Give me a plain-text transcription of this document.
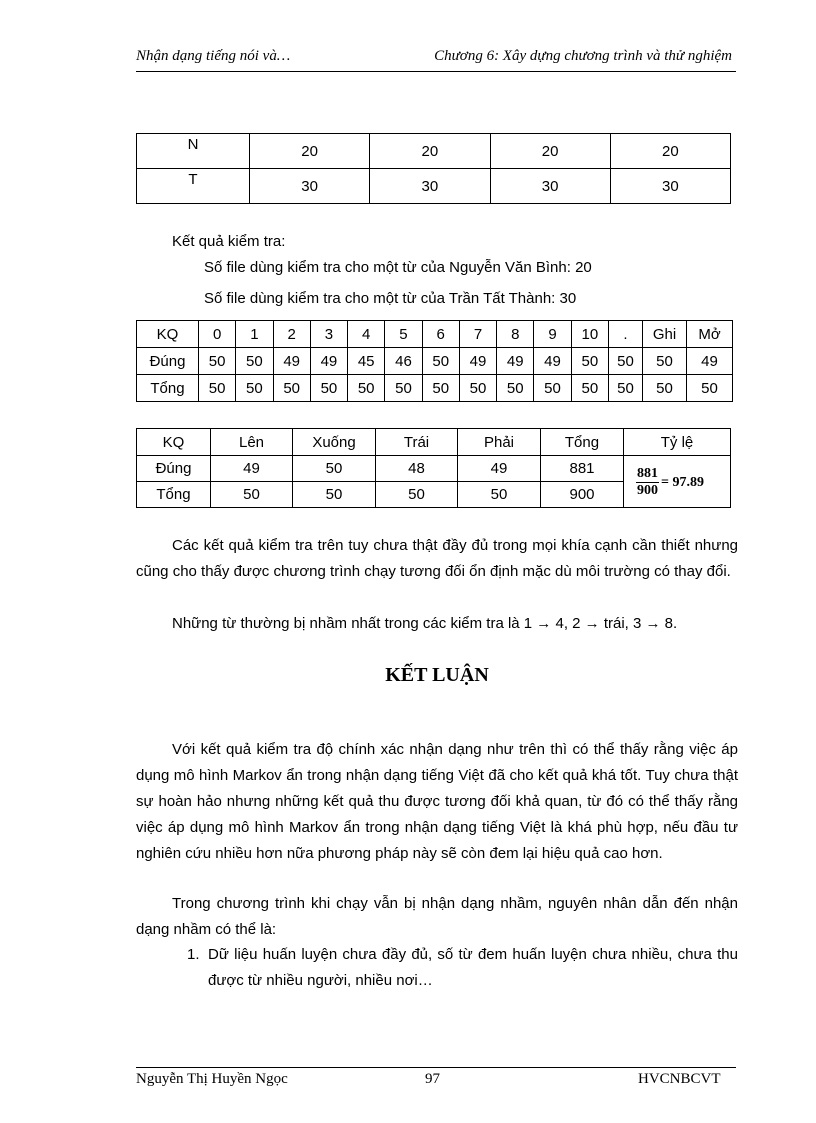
Nhận dạng tiếng nói và…	Chương 6: Xây dựng chương trình và thử nghiệm
N	20	20	20	20
T	30	30	30	30
Kết quả kiểm tra:
Số file dùng kiểm tra cho một từ của Nguyễn Văn Bình: 20
Số file dùng kiểm tra cho một từ của Trần Tất Thành: 30
KQ	0	1	2	3	4	5	6	7	8	9	10	.	Ghi	Mở
Đúng	50	50	49	49	45	46	50	49	49	49	50	50	50	49
Tổng	50	50	50	50	50	50	50	50	50	50	50	50	50	50
KQ	Lên	Xuống	Trái	Phải	Tổng	Tỷ lệ
Đúng	49	50	48	49	881	$\frac{881}{900} = 97.89$

Tổng	50	50	50	50	900	
Các kết quả kiểm tra trên tuy chưa thật đầy đủ trong mọi khía cạnh cần thiết nhưng cũng cho thấy được chương trình chạy tương đối ổn định mặc dù môi trường có thay đổi.
Những từ thường bị nhầm nhất trong các kiểm tra là 1 → 4, 2 → trái, 3 → 8.
KẾT LUẬN
Với kết quả kiểm tra độ chính xác nhận dạng như trên thì có thể thấy rằng việc áp dụng mô hình Markov ẩn trong nhận dạng tiếng Việt đã cho kết quả khá tốt. Tuy chưa thật sự hoàn hảo nhưng những kết quả thu được tương đối khả quan, từ đó có thể thấy rằng việc áp dụng mô hình Markov ẩn trong nhận dạng tiếng Việt là khá phù hợp, nếu đầu tư nghiên cứu nhiều hơn nữa phương pháp này sẽ còn đem lại hiệu quả cao hơn.
Trong chương trình khi chạy vẫn bị nhận dạng nhầm, nguyên nhân dẫn đến nhận dạng nhầm có thể là:
1. Dữ liệu huấn luyện chưa đầy đủ, số từ đem huấn luyện chưa nhiều, chưa thu được từ nhiều người, nhiều nơi…
Nguyễn Thị Huyền Ngọc	97	HVCNBCVT
